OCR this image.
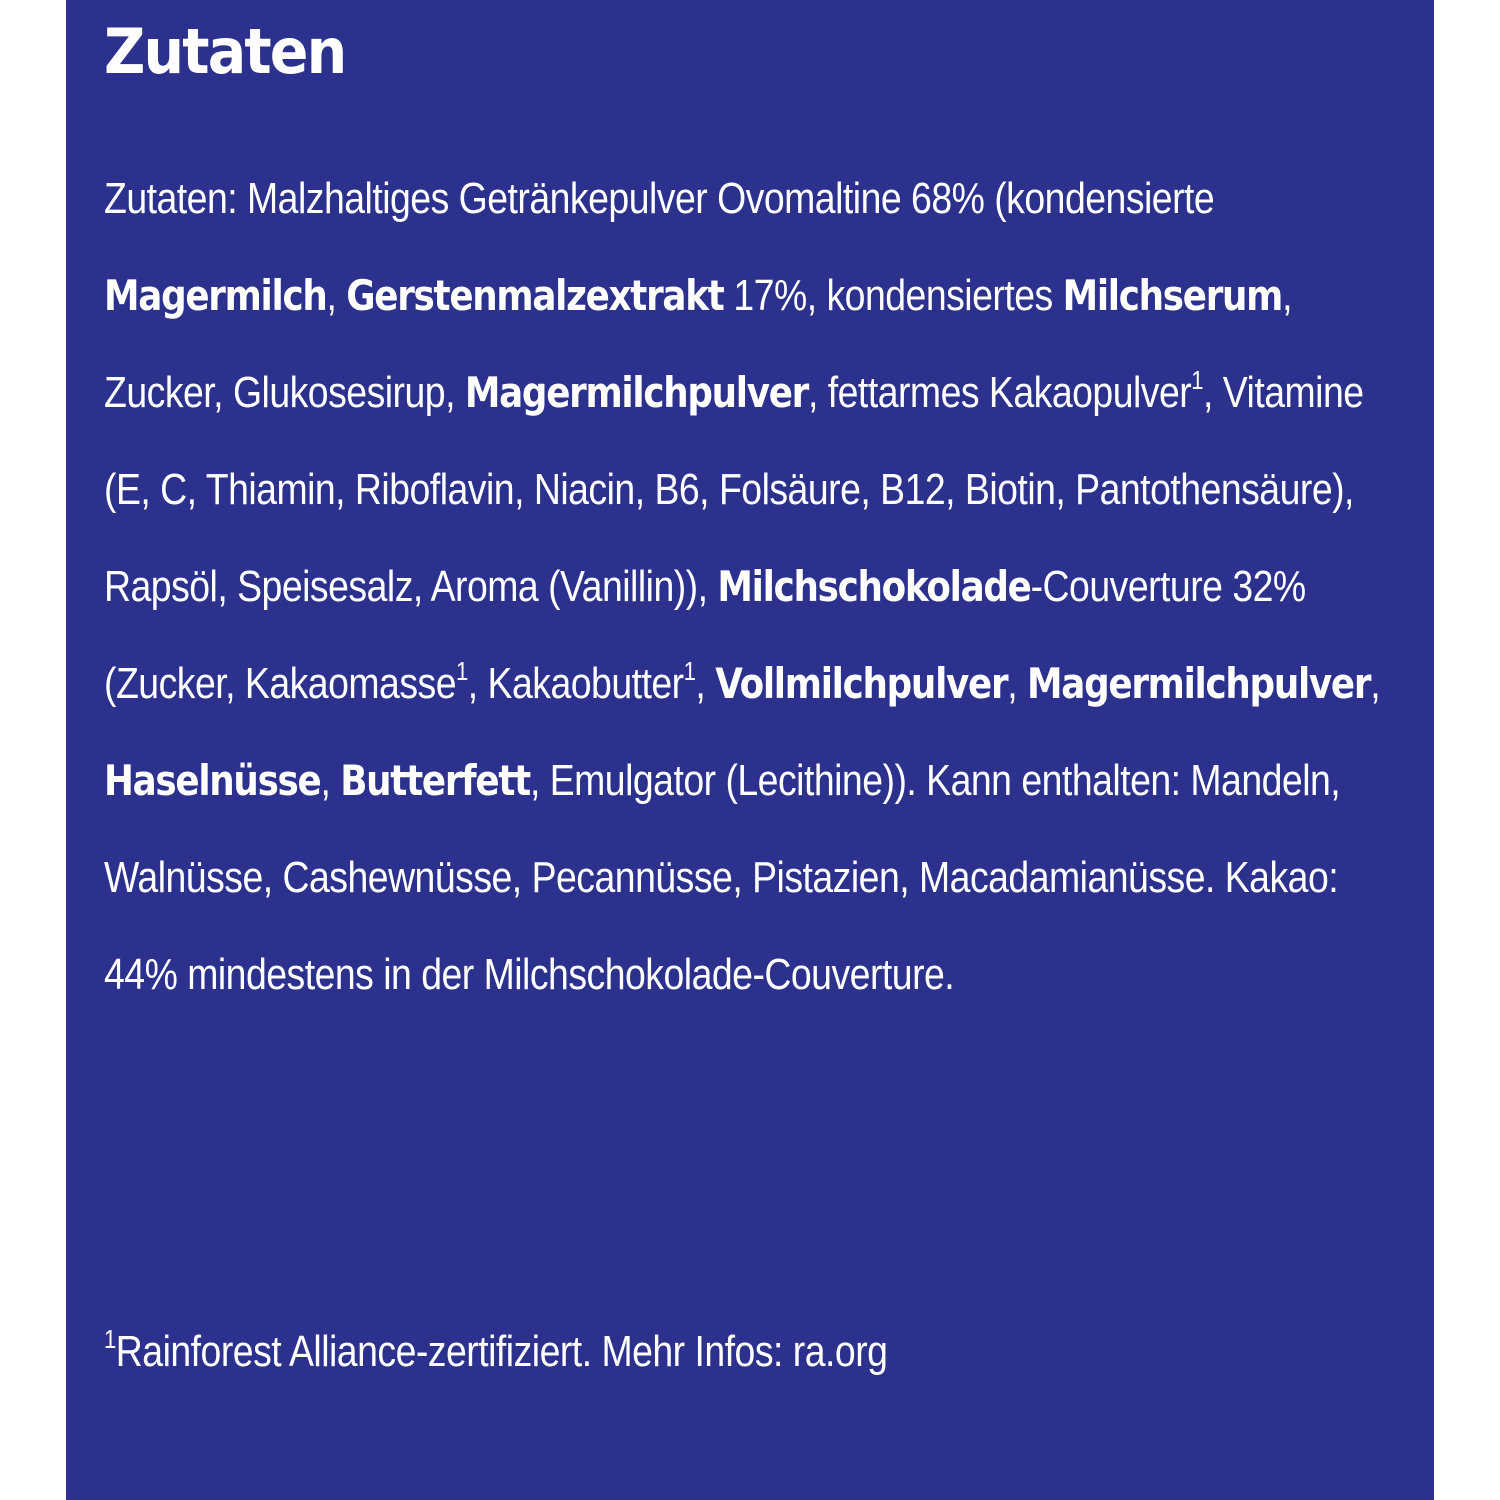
Zutaten

Zutaten: Malzhaltiges Getränkepulver Ovomaltine 68% (kondensierte Magermilch, Gerstenmalzextrakt 17%, kondensiertes Milchserum, Zucker, Glukosesirup, Magermilchpulver, fettarmes Kakaopulver$^1$, Vitamine (E, C, Thiamin, Riboflavin, Niacin, B6, Folsäure, B12, Biotin, Pantothensäure), Rapsöl, Speisesalz, Aroma (Vanillin)), Milchschokolade-Couverture 32% (Zucker, Kakaomasse$^1$, Kakaobutter$^1$, Vollmilchpulver, Magermilchpulver, Haselnüsse, Butterfett, Emulgator (Lecithine)). Kann enthalten: Mandeln, Walnüsse, Cashewnüsse, Pecannüsse, Pistazien, Macadamianüsse. Kakao: 44% mindestens in der Milchschokolade-Couverture.

$^1$Rainforest Alliance-zertifiziert. Mehr Infos: ra.org
